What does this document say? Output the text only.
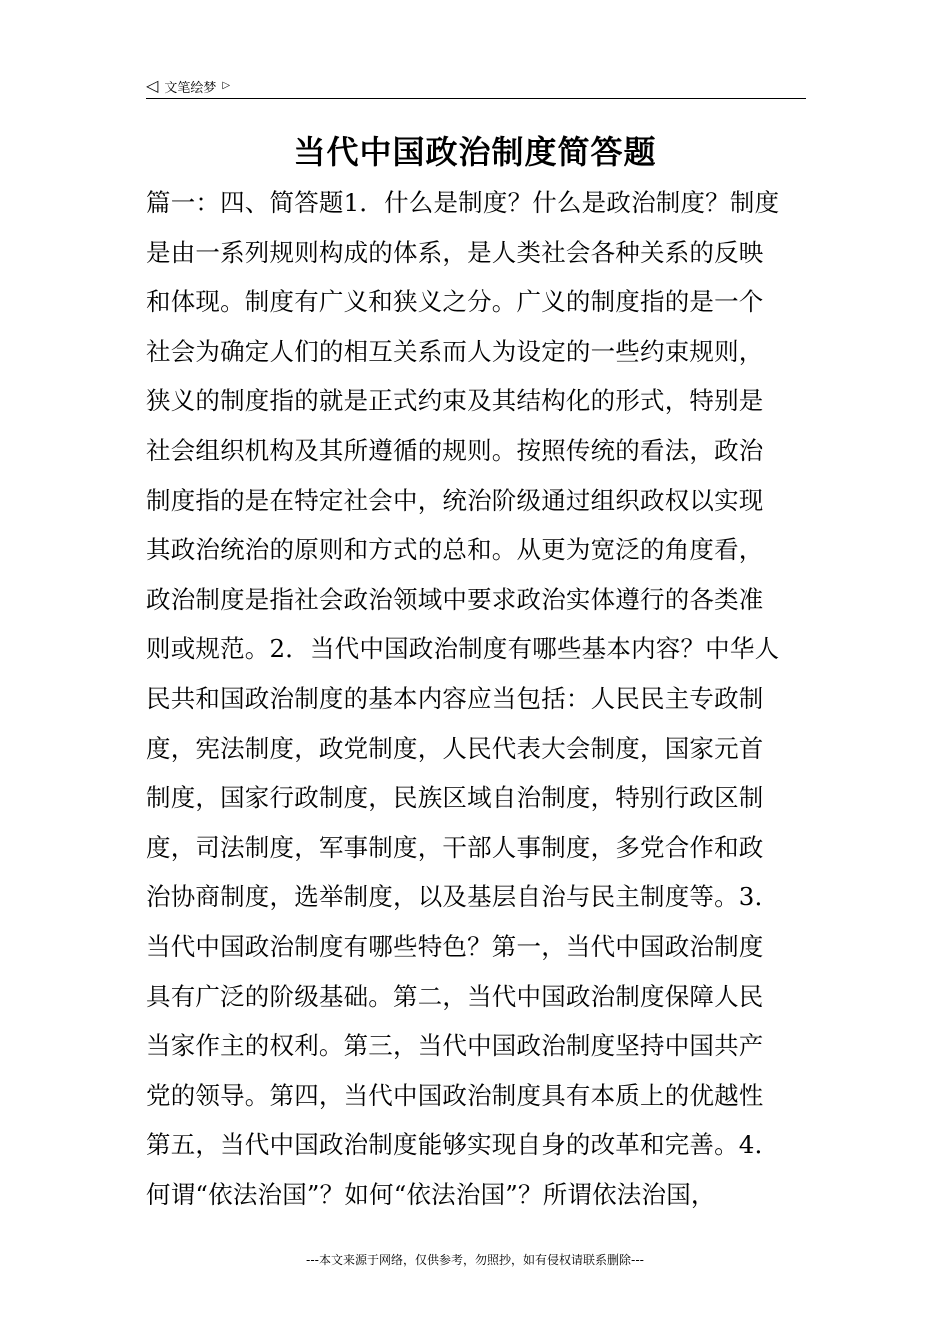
◁ 文笔绘梦 ▷
当代中国政治制度简答题
篇一：四、简答题1．什么是制度？什么是政治制度？制度
是由一系列规则构成的体系，是人类社会各种关系的反映
和体现。制度有广义和狭义之分。广义的制度指的是一个
社会为确定人们的相互关系而人为设定的一些约束规则，
狭义的制度指的就是正式约束及其结构化的形式，特别是
社会组织机构及其所遵循的规则。按照传统的看法，政治
制度指的是在特定社会中，统治阶级通过组织政权以实现
其政治统治的原则和方式的总和。从更为宽泛的角度看，
政治制度是指社会政治领域中要求政治实体遵行的各类准
则或规范。2．当代中国政治制度有哪些基本内容？中华人
民共和国政治制度的基本内容应当包括：人民民主专政制
度，宪法制度，政党制度，人民代表大会制度，国家元首
制度，国家行政制度，民族区域自治制度，特别行政区制
度，司法制度，军事制度，干部人事制度，多党合作和政
治协商制度，选举制度，以及基层自治与民主制度等。3．
当代中国政治制度有哪些特色？第一，当代中国政治制度
具有广泛的阶级基础。第二，当代中国政治制度保障人民
当家作主的权利。第三，当代中国政治制度坚持中国共产
党的领导。第四，当代中国政治制度具有本质上的优越性
第五，当代中国政治制度能够实现自身的改革和完善。4．
何谓“依法治国”？如何“依法治国”？所谓依法治国，
---本文来源于网络，仅供参考，勿照抄，如有侵权请联系删除---
